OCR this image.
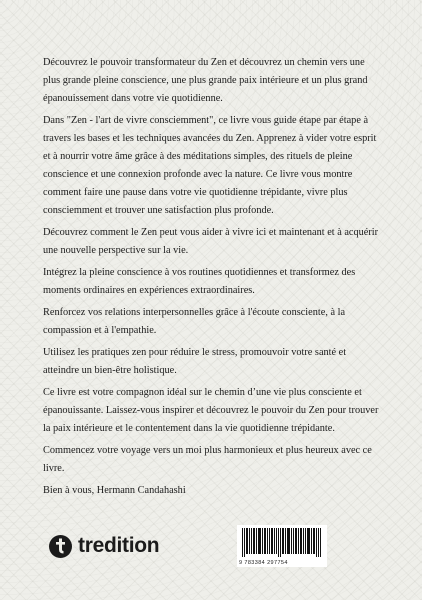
Découvrez le pouvoir transformateur du Zen et découvrez un chemin vers une plus grande pleine conscience, une plus grande paix intérieure et un plus grand épanouissement dans votre vie quotidienne.

Dans "Zen - l'art de vivre consciemment", ce livre vous guide étape par étape à travers les bases et les techniques avancées du Zen. Apprenez à vider votre esprit et à nourrir votre âme grâce à des méditations simples, des rituels de pleine conscience et une connexion profonde avec la nature. Ce livre vous montre comment faire une pause dans votre vie quotidienne trépidante, vivre plus consciemment et trouver une satisfaction plus profonde.

Découvrez comment le Zen peut vous aider à vivre ici et maintenant et à acquérir une nouvelle perspective sur la vie.

Intégrez la pleine conscience à vos routines quotidiennes et transformez des moments ordinaires en expériences extraordinaires.

Renforcez vos relations interpersonnelles grâce à l'écoute consciente, à la compassion et à l'empathie.

Utilisez les pratiques zen pour réduire le stress, promouvoir votre santé et atteindre un bien-être holistique.

Ce livre est votre compagnon idéal sur le chemin d’une vie plus consciente et épanouissante. Laissez-vous inspirer et découvrez le pouvoir du Zen pour trouver la paix intérieure et le contentement dans la vie quotidienne trépidante.

Commencez votre voyage vers un moi plus harmonieux et plus heureux avec ce livre.

Bien à vous, Hermann Candahashi

tredition
9 783384 297754
